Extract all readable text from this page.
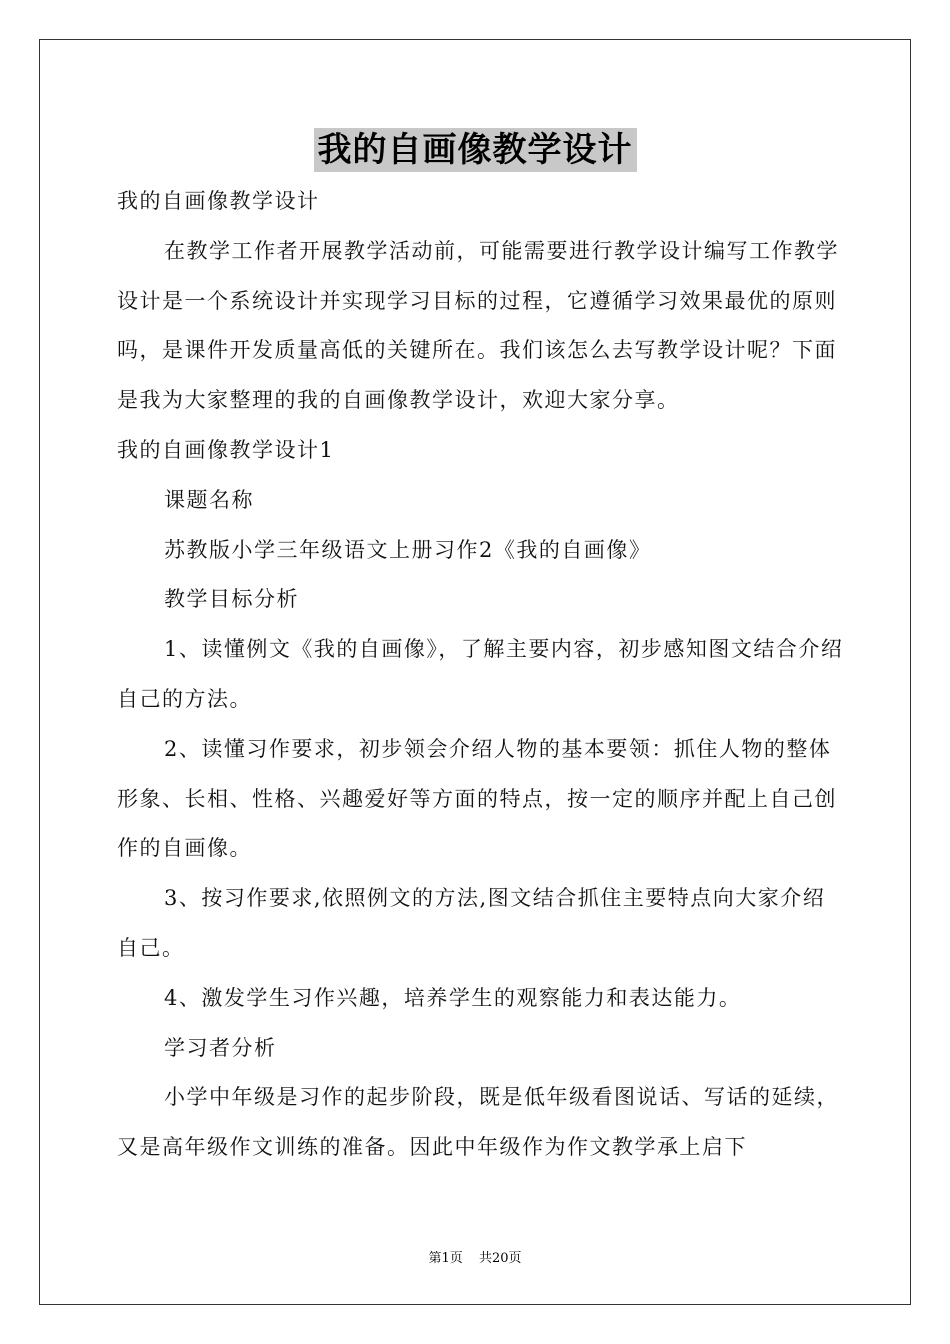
我的自画像教学设计

我的自画像教学设计

在教学工作者开展教学活动前，可能需要进行教学设计编写工作教学设计是一个系统设计并实现学习目标的过程，它遵循学习效果最优的原则吗，是课件开发质量高低的关键所在。我们该怎么去写教学设计呢？下面是我为大家整理的我的自画像教学设计，欢迎大家分享。

我的自画像教学设计1

课题名称

苏教版小学三年级语文上册习作2《我的自画像》

教学目标分析

1、读懂例文《我的自画像》，了解主要内容，初步感知图文结合介绍自己的方法。

2、读懂习作要求，初步领会介绍人物的基本要领：抓住人物的整体形象、长相、性格、兴趣爱好等方面的特点，按一定的顺序并配上自己创作的自画像。

3、按习作要求,依照例文的方法,图文结合抓住主要特点向大家介绍自己。

4、激发学生习作兴趣，培养学生的观察能力和表达能力。

学习者分析

小学中年级是习作的起步阶段，既是低年级看图说话、写话的延续，又是高年级作文训练的准备。因此中年级作为作文教学承上启下

第1页 共20页
